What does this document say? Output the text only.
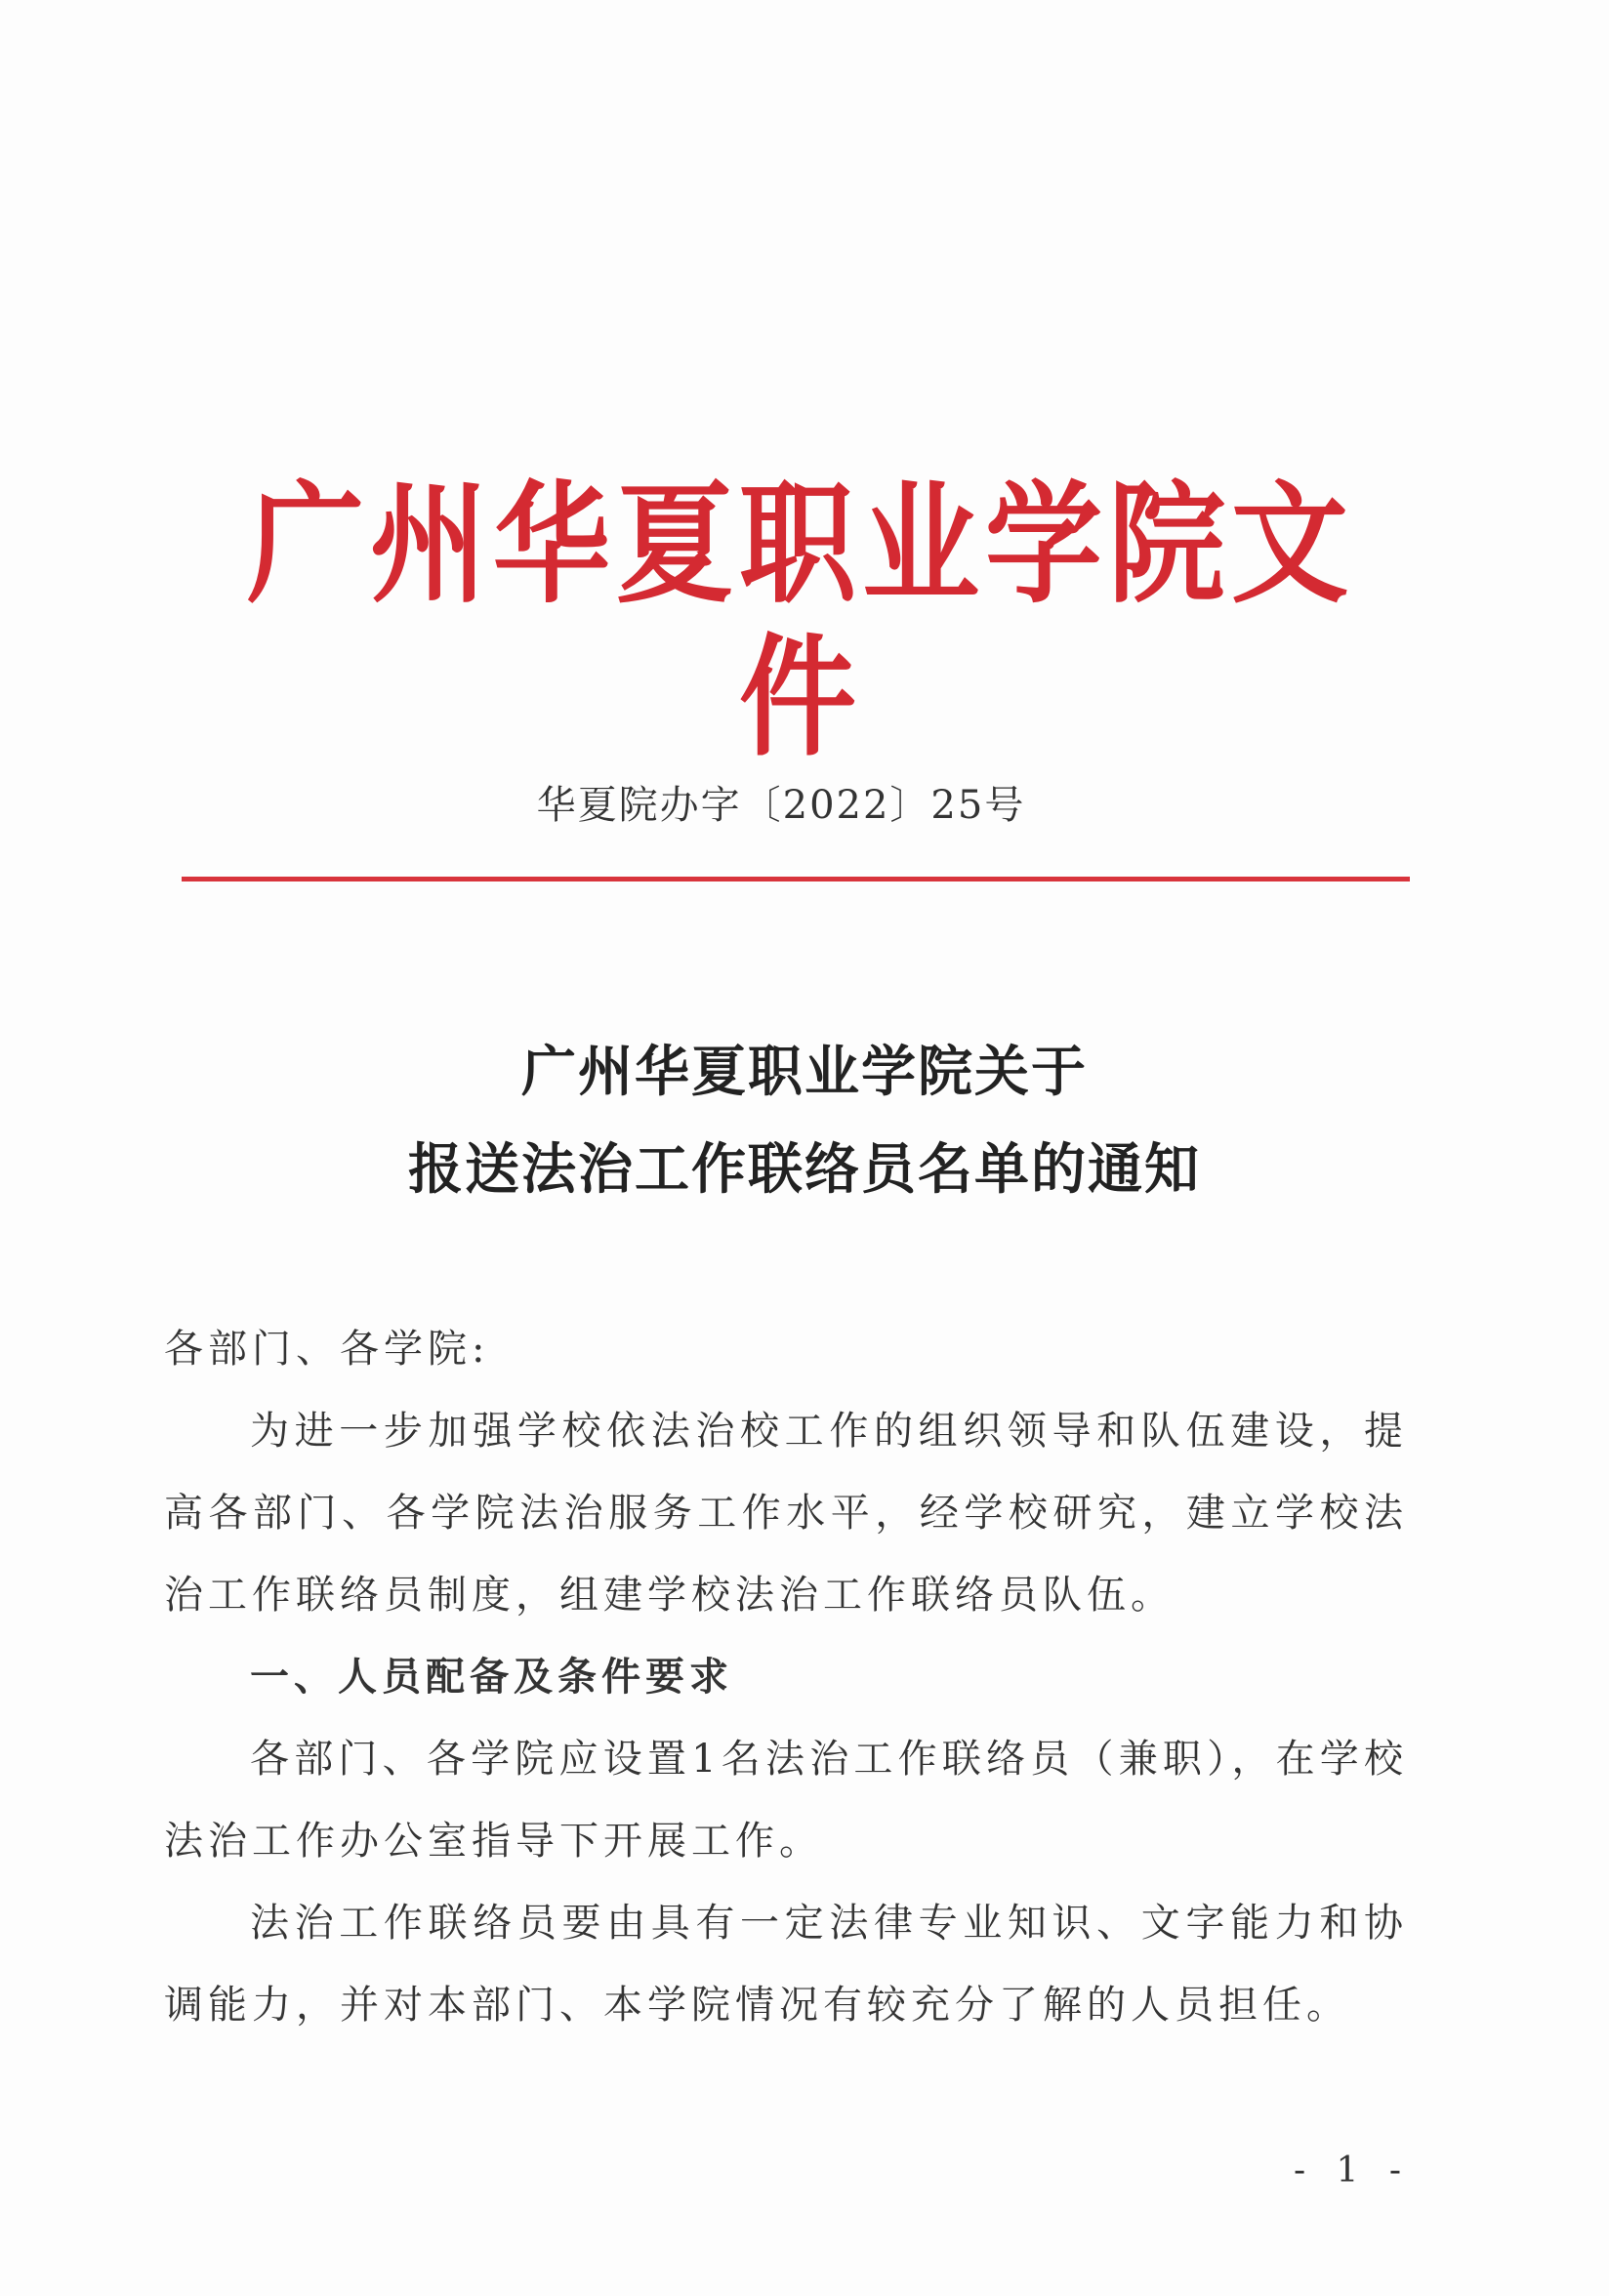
广州华夏职业学院文件
华夏院办字〔2022〕25号
广州华夏职业学院关于
报送法治工作联络员名单的通知

各部门、各学院:

为进一步加强学校依法治校工作的组织领导和队伍建设，提高各部门、各学院法治服务工作水平，经学校研究，建立学校法治工作联络员制度，组建学校法治工作联络员队伍。

一、人员配备及条件要求

各部门、各学院应设置1名法治工作联络员（兼职），在学校法治工作办公室指导下开展工作。

法治工作联络员要由具有一定法律专业知识、文字能力和协调能力，并对本部门、本学院情况有较充分了解的人员担任。

- 1 -
